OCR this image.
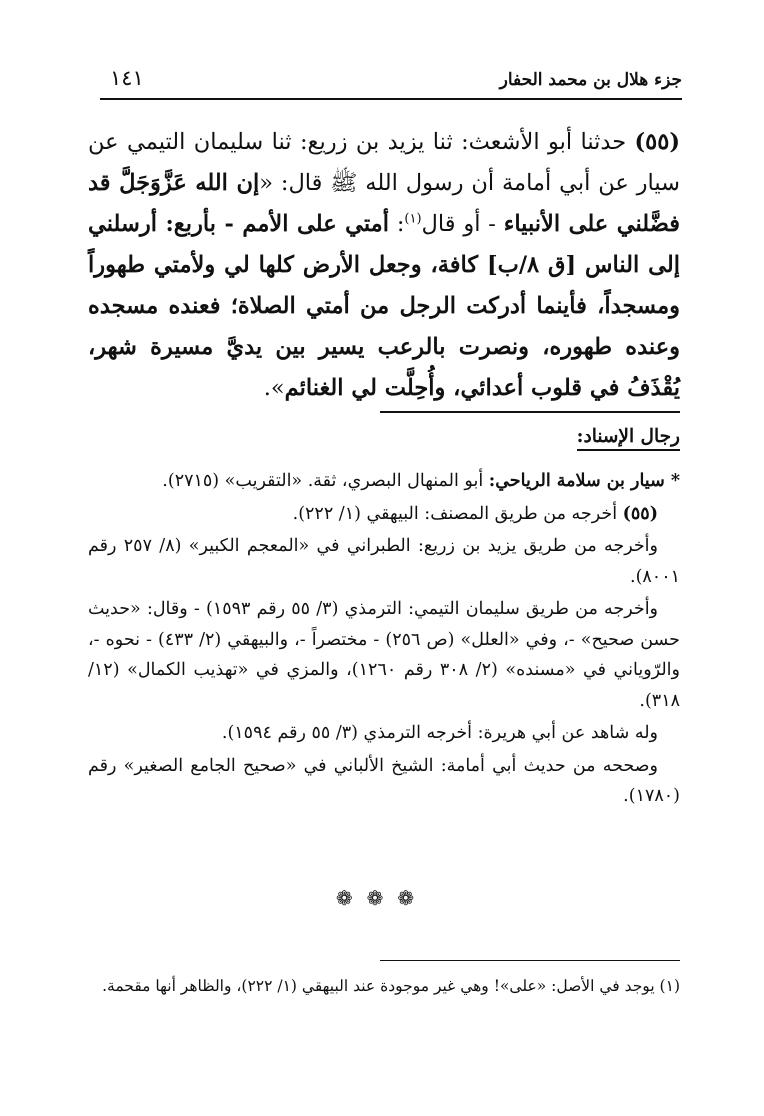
جزء هلال بن محمد الحفار
١٤١
(٥٥) حدثنا أبو الأشعث: ثنا يزيد بن زريع: ثنا سليمان التيمي عن سيار عن أبي أمامة أن رسول الله ﷺ قال: «إن الله عَزَّوَجَلَّ قد فضَّلني على الأنبياء - أو قال$^{(١)}$: أمتي على الأمم - بأربع: أرسلني إلى الناس [ق ٨/ب] كافة، وجعل الأرض كلها لي ولأمتي طهوراً ومسجداً، فأينما أدركت الرجل من أمتي الصلاة؛ فعنده مسجده وعنده طهوره، ونصرت بالرعب يسير بين يديَّ مسيرة شهر، يُقْذَفُ في قلوب أعدائي، وأُحِلَّت لي الغنائم».
رجال الإسناد:

* سيار بن سلامة الرياحي: أبو المنهال البصري، ثقة. «التقريب» (٢٧١٥).

(٥٥) أخرجه من طريق المصنف: البيهقي (١/ ٢٢٢).

وأخرجه من طريق يزيد بن زريع: الطبراني في «المعجم الكبير» (٨/ ٢٥٧ رقم ٨٠٠١).

وأخرجه من طريق سليمان التيمي: الترمذي (٣/ ٥٥ رقم ١٥٩٣) - وقال: «حديث حسن صحيح» -، وفي «العلل» (ص ٢٥٦) - مختصراً -، والبيهقي (٢/ ٤٣٣) - نحوه -، والرّوياني في «مسنده» (٢/ ٣٠٨ رقم ١٢٦٠)، والمزي في «تهذيب الكمال» (١٢/ ٣١٨).

وله شاهد عن أبي هريرة: أخرجه الترمذي (٣/ ٥٥ رقم ١٥٩٤).

وصححه من حديث أبي أمامة: الشيخ الألباني في «صحيح الجامع الصغير» رقم (١٧٨٠).

❁❁❁
(١) يوجد في الأصل: «على»! وهي غير موجودة عند البيهقي (١/ ٢٢٢)، والظاهر أنها مقحمة.
